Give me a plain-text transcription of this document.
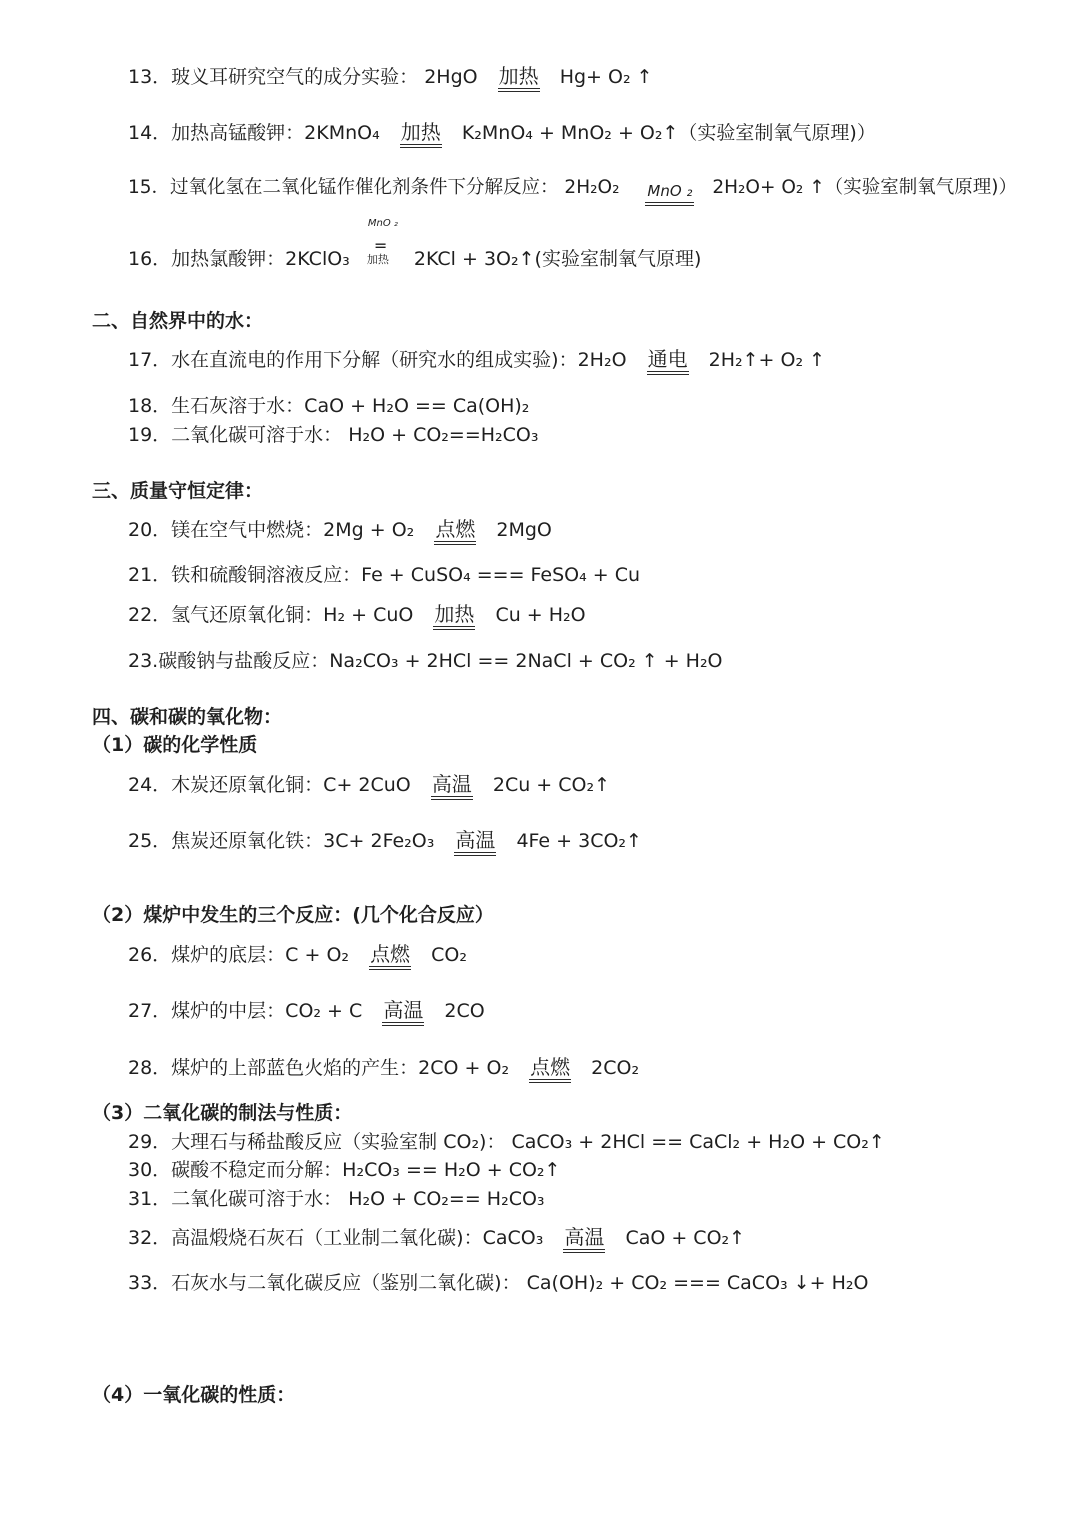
13．玻义耳研究空气的成分实验： 2HgO 加热 Hg+ O₂ ↑
14．加热高锰酸钾：2KMnO₄ 加热 K₂MnO₄ + MnO₂ + O₂↑（实验室制氧气原理)）
15．过氧化氢在二氧化锰作催化剂条件下分解反应： 2H₂O₂ MnO ₂ 2H₂O+ O₂ ↑（实验室制氧气原理)）
16．加热氯酸钾：2KClO₃
MnO ₂
=
加热 2KCl + 3O₂↑(实验室制氧气原理)
二、自然界中的水：
17．水在直流电的作用下分解（研究水的组成实验)：2H₂O 通电 2H₂↑+ O₂ ↑
18．生石灰溶于水：CaO + H₂O == Ca(OH)₂
19．二氧化碳可溶于水： H₂O + CO₂==H₂CO₃
三、质量守恒定律：
20．镁在空气中燃烧：2Mg + O₂ 点燃 2MgO
21．铁和硫酸铜溶液反应：Fe + CuSO₄ === FeSO₄ + Cu
22．氢气还原氧化铜：H₂ + CuO 加热 Cu + H₂O
23.碳酸钠与盐酸反应：Na₂CO₃ + 2HCl == 2NaCl + CO₂ ↑ + H₂O
四、碳和碳的氧化物：
（1）碳的化学性质
24．木炭还原氧化铜：C+ 2CuO 高温 2Cu + CO₂↑
25．焦炭还原氧化铁：3C+ 2Fe₂O₃ 高温 4Fe + 3CO₂↑
（2）煤炉中发生的三个反应：(几个化合反应）
26．煤炉的底层：C + O₂ 点燃 CO₂
27．煤炉的中层：CO₂ + C 高温 2CO
28．煤炉的上部蓝色火焰的产生：2CO + O₂ 点燃 2CO₂
（3）二氧化碳的制法与性质：
29．大理石与稀盐酸反应（实验室制 CO₂)： CaCO₃ + 2HCl == CaCl₂ + H₂O + CO₂↑
30．碳酸不稳定而分解：H₂CO₃ == H₂O + CO₂↑
31．二氧化碳可溶于水： H₂O + CO₂== H₂CO₃
32．高温煅烧石灰石（工业制二氧化碳)：CaCO₃ 高温 CaO + CO₂↑
33．石灰水与二氧化碳反应（鉴别二氧化碳)： Ca(OH)₂ + CO₂ === CaCO₃ ↓+ H₂O
（4）一氧化碳的性质：
